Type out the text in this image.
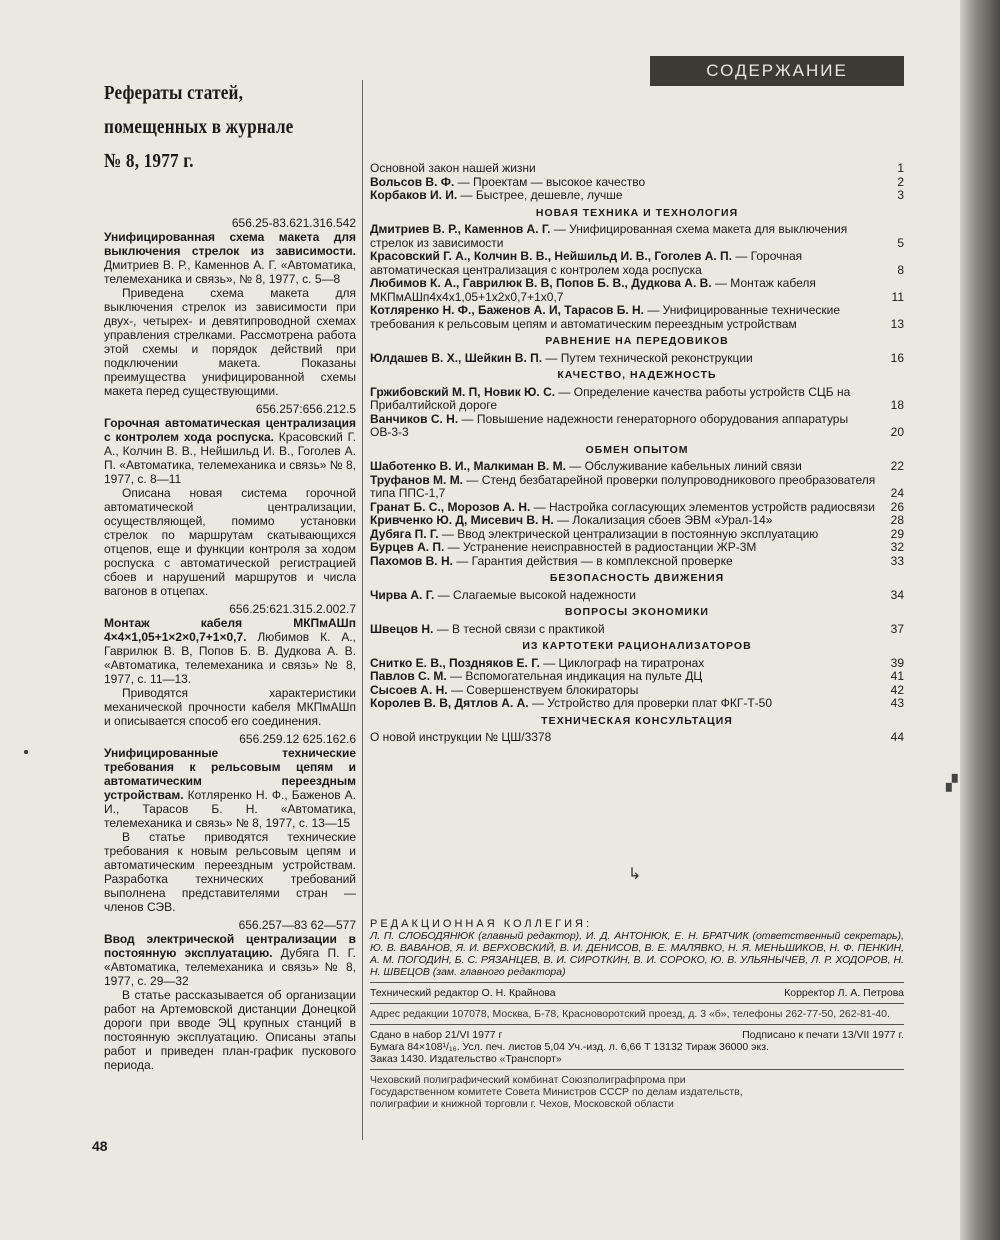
Рефераты статей,
помещенных в журнале
№ 8, 1977 г.
656.25-83.621.316.542
Унифицированная схема макета для выключения стрелок из зависимости. Дмитриев В. Р., Каменнов А. Г. «Автоматика, телемеханика и связь», № 8, 1977, с. 5—8
Приведена схема макета для выключения стрелок из зависимости при двух-, четырех- и девятипроводной схемах управления стрелками. Рассмотрена работа этой схемы и порядок действий при подключении макета. Показаны преимущества унифицированной схемы макета перед существующими.
656.257:656.212.5
Горочная автоматическая централизация с контролем хода роспуска. Красовский Г. А., Колчин В. В., Нейшильд И. В., Гоголев А. П. «Автоматика, телемеханика и связь» № 8, 1977, с. 8—11
Описана новая система горочной автоматической централизации, осуществляющей, помимо установки стрелок по маршрутам скатывающихся отцепов, еще и функции контроля за ходом роспуска с автоматической регистрацией сбоев и нарушений маршрутов и числа вагонов в отцепах.
656.25:621.315.2.002.7
Монтаж кабеля МКПмАШп 4×4×1,05+1×2×0,7+1×0,7. Любимов К. А., Гаврилюк В. В, Попов Б. В. Дудкова А. В. «Автоматика, телемеханика и связь» № 8, 1977, с. 11—13.
Приводятся характеристики механической прочности кабеля МКПмАШп и описывается способ его соединения.
656.259.12 625.162.6
Унифицированные технические требования к рельсовым цепям и автоматическим переездным устройствам. Котляренко Н. Ф., Баженов А. И., Тарасов Б. Н. «Автоматика, телемеханика и связь» № 8, 1977, с. 13—15
В статье приводятся технические требования к новым рельсовым цепям и автоматическим переездным устройствам. Разработка технических требований выполнена представителями стран — членов СЭВ.
656.257—83 62—577
Ввод электрической централизации в постоянную эксплуатацию. Дубяга П. Г. «Автоматика, телемеханика и связь» № 8, 1977, с. 29—32
В статье рассказывается об организации работ на Артемовской дистанции Донецкой дороги при вводе ЭЦ крупных станций в постоянную эксплуатацию. Описаны этапы работ и приведен план-график пускового периода.
48
СОДЕРЖАНИЕ
Основной закон нашей жизни	1
Вольсов В. Ф. — Проектам — высокое качество	2
Корбаков И. И. — Быстрее, дешевле, лучше	3
НОВАЯ ТЕХНИКА И ТЕХНОЛОГИЯ
Дмитриев В. Р., Каменнов А. Г. — Унифицированная схема макета для выключения стрелок из зависимости	5
Красовский Г. А., Колчин В. В., Нейшильд И. В., Гоголев А. П. — Горочная автоматическая централизация с контролем хода роспуска	8
Любимов К. А., Гаврилюк В. В, Попов Б. В., Дудкова А. В. — Монтаж кабеля МКПмАШп4х4х1,05+1х2х0,7+1х0,7	11
Котляренко Н. Ф., Баженов А. И, Тарасов Б. Н. — Унифицированные технические требования к рельсовым цепям и автоматическим переездным устройствам	13
РАВНЕНИЕ НА ПЕРЕДОВИКОВ
Юлдашев В. Х., Шейкин В. П. — Путем технической реконструкции	16
КАЧЕСТВО, НАДЕЖНОСТЬ
Гржибовский М. П, Новик Ю. С. — Определение качества работы устройств СЦБ на Прибалтийской дороге	18
Ванчиков С. Н. — Повышение надежности генераторного оборудования аппаратуры ОВ-3-3	20
ОБМЕН ОПЫТОМ
Шаботенко В. И., Малкиман В. М. — Обслуживание кабельных линий связи	22
Труфанов М. М. — Стенд безбатарейной проверки полупроводникового преобразователя типа ППС-1,7	24
Гранат Б. С., Морозов А. Н. — Настройка согласующих элементов устройств радиосвязи	26
Кривченко Ю. Д, Мисевич В. Н. — Локализация сбоев ЭВМ «Урал-14»	28
Дубяга П. Г. — Ввод электрической централизации в постоянную эксплуатацию	29
Бурцев А. П. — Устранение неисправностей в радиостанции ЖР-3М	32
Пахомов В. Н. — Гарантия действия — в комплексной проверке	33
БЕЗОПАСНОСТЬ ДВИЖЕНИЯ
Чирва А. Г. — Слагаемые высокой надежности	34
ВОПРОСЫ ЭКОНОМИКИ
Швецов Н. — В тесной связи с практикой	37
ИЗ КАРТОТЕКИ РАЦИОНАЛИЗАТОРОВ
Снитко Е. В., Поздняков Е. Г. — Циклограф на тиратронах	39
Павлов С. М. — Вспомогательная индикация на пульте ДЦ	41
Сысоев А. Н. — Совершенствуем блокираторы	42
Королев В. В, Дятлов А. А. — Устройство для проверки плат ФКГ-Т-50	43
ТЕХНИЧЕСКАЯ КОНСУЛЬТАЦИЯ
О новой инструкции № ЦШ/3378	44
РЕДАКЦИОННАЯ КОЛЛЕГИЯ:
Л. П. СЛОБОДЯНЮК (главный редактор), И. Д. АНТОНЮК, Е. Н. БРАТЧИК (ответственный секретарь), Ю. В. ВАВАНОВ, Я. И. ВЕРХОВСКИЙ, В. И. ДЕНИСОВ, В. Е. МАЛЯВКО, Н. Я. МЕНЬШИКОВ, Н. Ф. ПЕНКИН, А. М. ПОГОДИН, Б. С. РЯЗАНЦЕВ, В. И. СИРОТКИН, В. И. СОРОКО, Ю. В. УЛЬЯНЫЧЕВ, Л. Р. ХОДОРОВ, Н. Н. ШВЕЦОВ (зам. главного редактора)
Технический редактор О. Н. Крайнова	Корректор Л. А. Петрова
Адрес редакции 107078, Москва, Б-78, Красноворотский проезд, д. 3 «б», телефоны 262-77-50, 262-81-40.
Сдано в набор 21/VI 1977 г	Подписано к печати 13/VII 1977 г.
Бумага 84×108¹/₁₆. Усл. печ. листов 5,04 Уч.-изд. л. 6,66 Т 13132 Тираж 36000 экз.
Заказ 1430. Издательство «Транспорт»
Чеховский полиграфический комбинат Союзполиграфпрома при Государственном комитете Совета Министров СССР по делам издательств, полиграфии и книжной торговли г. Чехов, Московской области
↳
▞
